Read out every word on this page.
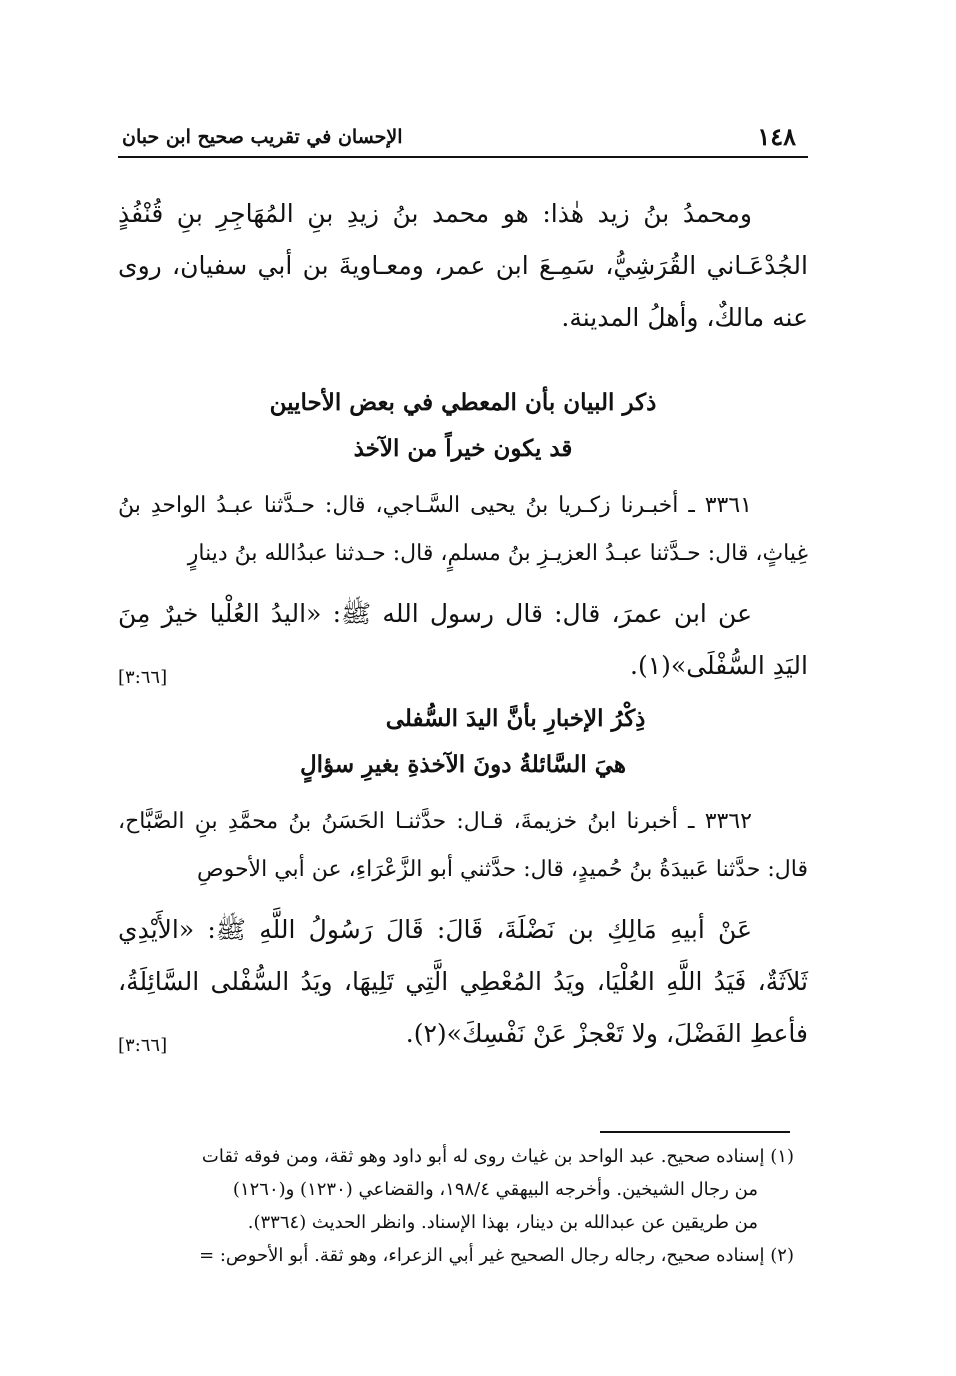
١٤٨
الإحسان في تقريب صحيح ابن حبان

ومحمدُ بنُ زيد هٰذا: هو محمد بنُ زيدِ بنِ المُهَاجِرِ بنِ قُنْفُذٍ الجُدْعَـاني القُرَشِيُّ، سَمِـعَ ابن عمر، ومعـاويةَ بن أبي سفيان، روى عنه مالكٌ، وأهلُ المدينة.

ذكر البيان بأن المعطي في بعض الأحايين

قد يكون خيراً من الآخذ

٣٣٦١ ـ أخبـرنا زكـريا بنُ يحيى السَّـاجي، قال: حـدَّثنا عبـدُ الواحدِ بنُ غِياثٍ، قال: حـدَّثنا عبـدُ العزيـزِ بنُ مسلمٍ، قال: حـدثنا عبدُالله بنُ دينارٍ

عن ابن عمرَ، قال: قال رسول الله ﷺ: «اليدُ العُلْيا خيرٌ مِنَ اليَدِ السُّفْلَى»(١).
[٣:٦٦]

ذِكْرُ الإخبارِ بأنَّ اليدَ السُّفلى

هيَ السَّائلةُ دونَ الآخذةِ بغيرِ سؤالٍ

٣٣٦٢ ـ أخبرنا ابنُ خزيمةَ، قـال: حدَّثنـا الحَسَنُ بنُ محمَّدِ بنِ الصَّبَّاح، قال: حدَّثنا عَبيدَةُ بنُ حُميدٍ، قال: حدَّثني أبو الزَّعْرَاءِ، عن أبي الأحوصِ

عَنْ أبيهِ مَالِكِ بن نَضْلَةَ، قَالَ: قَالَ رَسُولُ اللَّهِ ﷺ: «الأَيْدِي ثَلاَثَةٌ، فَيَدُ اللَّهِ العُلْيَا، ويَدُ المُعْطِي الَّتِي تَلِيهَا، ويَدُ السُّفْلى السَّائِلَةُ، فأعطِ الفَضْلَ، ولا تَعْجزْ عَنْ نَفْسِكَ»(٢).
[٣:٦٦]

(١) إسناده صحيح. عبد الواحد بن غياث روى له أبو داود وهو ثقة، ومن فوقه ثقات

من رجال الشيخين. وأخرجه البيهقي ١٩٨/٤، والقضاعي (١٢٣٠) و(١٢٦٠)

من طريقين عن عبدالله بن دينار، بهذا الإسناد. وانظر الحديث (٣٣٦٤).

(٢) إسناده صحيح، رجاله رجال الصحيح غير أبي الزعراء، وهو ثقة. أبو الأحوص: =
